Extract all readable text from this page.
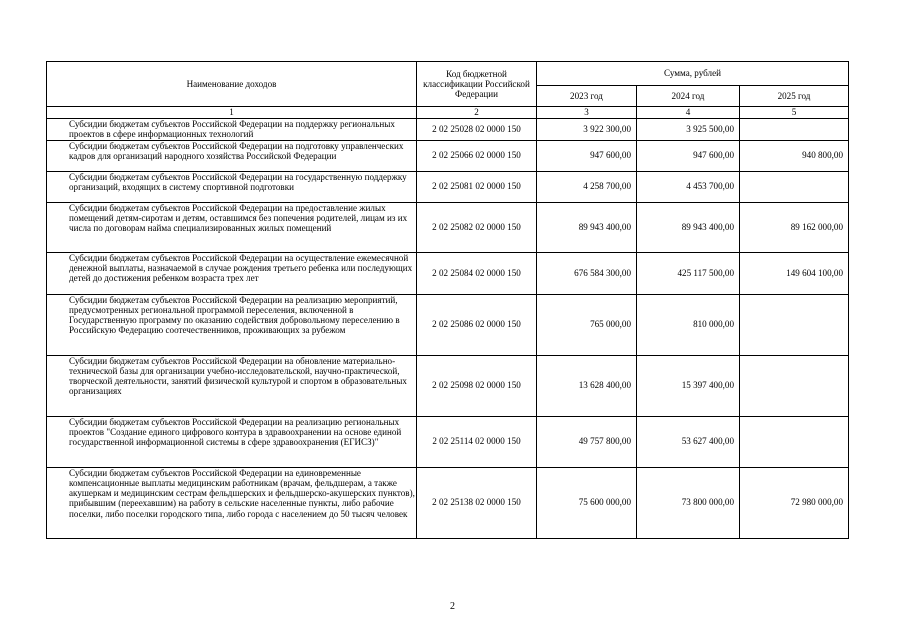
Наименование доходов	Код бюджетной классификации Российской Федерации	Сумма, рублей		
		2023 год	2024 год	2025 год
1	2	3	4	5
Субсидии бюджетам субъектов Российской Федерации на поддержку региональных проектов в сфере информационных технологий	2 02 25028 02 0000 150	3 922 300,00	3 925 500,00	
Субсидии бюджетам субъектов Российской Федерации на подготовку управленческих кадров для организаций народного хозяйства Российской Федерации	2 02 25066 02 0000 150	947 600,00	947 600,00	940 800,00
Субсидии бюджетам субъектов Российской Федерации на государственную поддержку организаций, входящих в систему спортивной подготовки	2 02 25081 02 0000 150	4 258 700,00	4 453 700,00	
Субсидии бюджетам субъектов Российской Федерации на предоставление жилых помещений детям-сиротам и детям, оставшимся без попечения родителей, лицам из их числа по договорам найма специализированных жилых помещений	2 02 25082 02 0000 150	89 943 400,00	89 943 400,00	89 162 000,00
Субсидии бюджетам субъектов Российской Федерации на осуществление ежемесячной денежной выплаты, назначаемой в случае рождения третьего ребенка или последующих детей до достижения ребенком возраста трех лет	2 02 25084 02 0000 150	676 584 300,00	425 117 500,00	149 604 100,00
Субсидии бюджетам субъектов Российской Федерации на реализацию мероприятий, предусмотренных региональной программой переселения, включенной в Государственную программу по оказанию содействия добровольному переселению в Российскую Федерацию соотечественников, проживающих за рубежом	2 02 25086 02 0000 150	765 000,00	810 000,00	
Субсидии бюджетам субъектов Российской Федерации на обновление материально-технической базы для организации учебно-исследовательской, научно-практической, творческой деятельности, занятий физической культурой и спортом в образовательных организациях	2 02 25098 02 0000 150	13 628 400,00	15 397 400,00	
Субсидии бюджетам субъектов Российской Федерации на реализацию региональных проектов "Создание единого цифрового контура в здравоохранении на основе единой государственной информационной системы в сфере здравоохранения (ЕГИСЗ)"	2 02 25114 02 0000 150	49 757 800,00	53 627 400,00	
Субсидии бюджетам субъектов Российской Федерации на единовременные компенсационные выплаты медицинским работникам (врачам, фельдшерам, а также акушеркам и медицинским сестрам фельдшерских и фельдшерско-акушерских пунктов), прибывшим (переехавшим) на работу в сельские населенные пункты, либо рабочие поселки, либо поселки городского типа, либо города с населением до 50 тысяч человек	2 02 25138 02 0000 150	75 600 000,00	73 800 000,00	72 980 000,00
2
